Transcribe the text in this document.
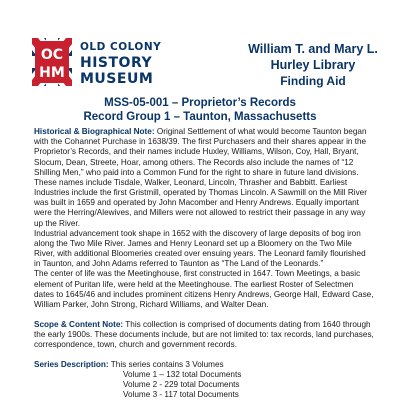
OC
HM
OLD COLONY
HISTORY
MUSEUM
William T. and Mary L.
Hurley Library
Finding Aid
MSS-05-001 – Proprietor’s Records
Record Group 1 – Taunton, Massachusetts

Historical & Biographical Note: Original Settlement of what would become Taunton began with the Cohannet Purchase in 1638/39. The first Purchasers and their shares appear in the Proprietor’s Records, and their names include Huxley, Williams, Wilson, Coy, Hall, Bryant, Slocum, Dean, Streete, Hoar, among others. The Records also include the names of “12 Shilling Men,” who paid into a Common Fund for the right to share in future land divisions. These names include Tisdale, Walker, Leonard, Lincoln, Thrasher and Babbitt. Earliest Industries include the first Gristmill, operated by Thomas Lincoln. A Sawmill on the Mill River was built in 1659 and operated by John Macomber and Henry Andrews. Equally important were the Herring/Alewives, and Millers were not allowed to restrict their passage in any way up the River.

Industrial advancement took shape in 1652 with the discovery of large deposits of bog iron along the Two Mile River. James and Henry Leonard set up a Bloomery on the Two Mile River, with additional Bloomeries created over ensuing years. The Leonard family flourished in Taunton, and John Adams referred to Taunton as “The Land of the Leonards.”

The center of life was the Meetinghouse, first constructed in 1647. Town Meetings, a basic element of Puritan life, were held at the Meetinghouse. The earliest Roster of Selectmen dates to 1645/46 and includes prominent citizens Henry Andrews, George Hall, Edward Case, William Parker, John Strong, Richard Williams, and Walter Dean.

Scope & Content Note: This collection is comprised of documents dating from 1640 through the early 1900s. These documents include, but are not limited to: tax records, land purchases, correspondence, town, church and government records.

Series Description: This series contains 3 Volumes

Volume 1 – 132 total Documents

Volume 2 - 229 total Documents

Volume 3 - 117 total Documents
